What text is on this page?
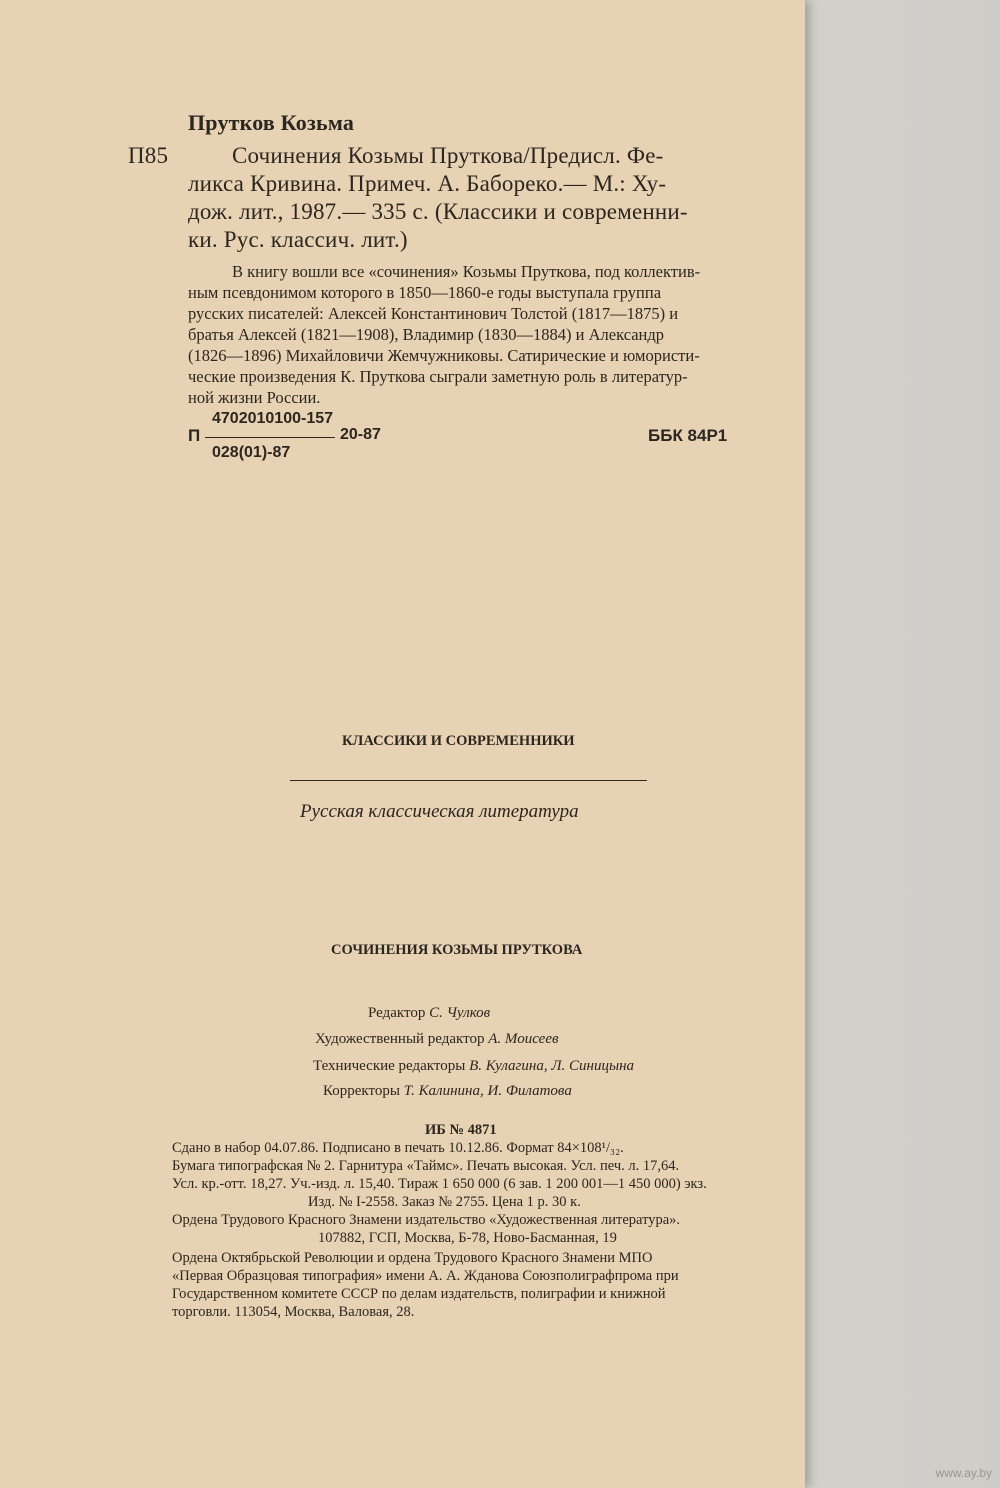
Прутков Козьма
П85	Сочинения Козьмы Пруткова/Предисл. Фе-
ликса Кривина. Примеч. А. Бабореко.— М.: Ху-
дож. лит., 1987.— 335 с. (Классики и современни-
ки. Рус. классич. лит.)
В книгу вошли все «сочинения» Козьмы Пруткова, под коллектив-
ным псевдонимом которого в 1850—1860-е годы выступала группа
русских писателей: Алексей Константинович Толстой (1817—1875) и
братья Алексей (1821—1908), Владимир (1830—1884) и Александр
(1826—1896) Михайловичи Жемчужниковы. Сатирические и юмористи-
ческие произведения К. Пруткова сыграли заметную роль в литератур-
ной жизни России.
П
4702010100-157
028(01)-87
20-87	ББК 84Р1
КЛАССИКИ И СОВРЕМЕННИКИ
Русская классическая литература
СОЧИНЕНИЯ КОЗЬМЫ ПРУТКОВА
Редактор С. Чулков
Художественный редактор А. Моисеев
Технические редакторы В. Кулагина, Л. Синицына
Корректоры Т. Калинина, И. Филатова
ИБ № 4871
Сдано в набор 04.07.86. Подписано в печать 10.12.86. Формат 84×108¹/₃₂.
Бумага типографская № 2. Гарнитура «Таймс». Печать высокая. Усл. печ. л. 17,64.
Усл. кр.-отт. 18,27. Уч.-изд. л. 15,40. Тираж 1 650 000 (6 зав. 1 200 001—1 450 000) экз.
Изд. № I-2558. Заказ № 2755. Цена 1 р. 30 к.
Ордена Трудового Красного Знамени издательство «Художественная литература».
107882, ГСП, Москва, Б-78, Ново-Басманная, 19
Ордена Октябрьской Революции и ордена Трудового Красного Знамени МПО
«Первая Образцовая типография» имени А. А. Жданова Союзполиграфпрома при
Государственном комитете СССР по делам издательств, полиграфии и книжной
торговли. 113054, Москва, Валовая, 28.
www.ay.by
